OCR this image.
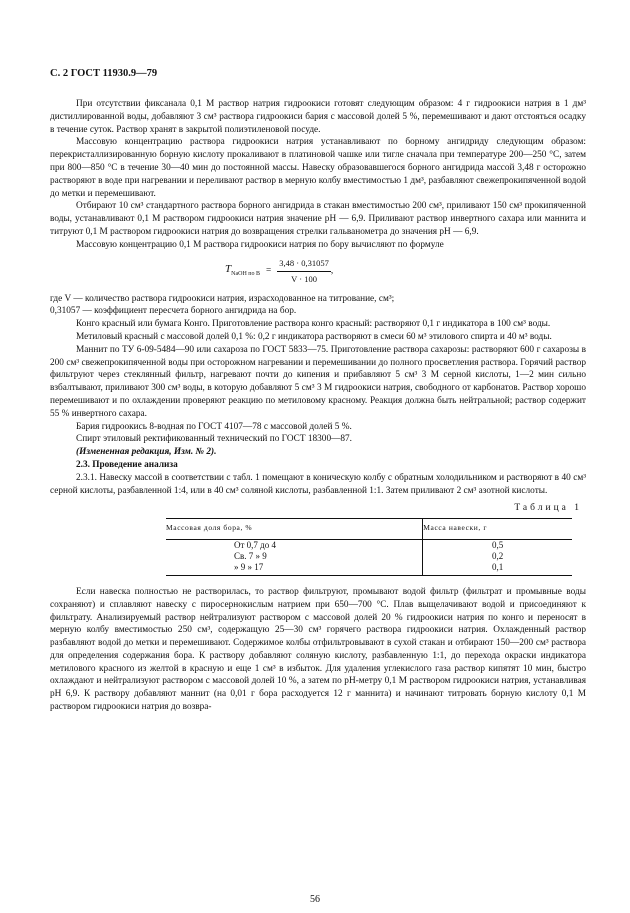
С. 2 ГОСТ 11930.9—79

При отсутствии фиксанала 0,1 М раствор натрия гидроокиси готовят следующим образом: 4 г гидроокиси натрия в 1 дм³ дистиллированной воды, добавляют 3 см³ раствора гидроокиси бария с массовой долей 5 %, перемешивают и дают отстояться осадку в течение суток. Раствор хранят в закрытой полиэтиленовой посуде.

Массовую концентрацию раствора гидроокиси натрия устанавливают по борному ангидриду следующим образом: перекристаллизированную борную кислоту прокаливают в платиновой чашке или тигле сначала при температуре 200—250 °С, затем при 800—850 °С в течение 30—40 мин до постоянной массы. Навеску образовавшегося борного ангидрида массой 3,48 г осторожно растворяют в воде при нагревании и переливают раствор в мерную колбу вместимостью 1 дм³, разбавляют свежепрокипяченной водой до метки и перемешивают.

Отбирают 10 см³ стандартного раствора борного ангидрида в стакан вместимостью 200 см³, приливают 150 см³ прокипяченной воды, устанавливают 0,1 М раствором гидроокиси натрия значение рН — 6,9. Приливают раствор инвертного сахара или маннита и титруют 0,1 М раствором гидроокиси натрия до возвращения стрелки гальванометра до значения рН — 6,9.

Массовую концентрацию 0,1 М раствора гидроокиси натрия по бору вычисляют по формуле

$T_{NaOH по B} = \frac{3,48 \cdot 0,31057}{V \cdot 100}$ ,

где V — количество раствора гидроокиси натрия, израсходованное на титрование, см³;

0,31057 — коэффициент пересчета борного ангидрида на бор.

Конго красный или бумага Конго. Приготовление раствора конго красный: растворяют 0,1 г индикатора в 100 см³ воды.

Метиловый красный с массовой долей 0,1 %: 0,2 г индикатора растворяют в смеси 60 м³ этилового спирта и 40 м³ воды.

Маннит по ТУ 6-09-5484—90 или сахароза по ГОСТ 5833—75. Приготовление раствора сахарозы: растворяют 600 г сахарозы в 200 см³ свежепрокипяченной воды при осторожном нагревании и перемешивании до полного просветления раствора. Горячий раствор фильтруют через стеклянный фильтр, нагревают почти до кипения и прибавляют 5 см³ 3 М серной кислоты, 1—2 мин сильно взбалтывают, приливают 300 см³ воды, в которую добавляют 5 см³ 3 М гидроокиси натрия, свободного от карбонатов. Раствор хорошо перемешивают и по охлаждении проверяют реакцию по метиловому красному. Реакция должна быть нейтральной; раствор содержит 55 % инвертного сахара.

Бария гидроокись 8-водная по ГОСТ 4107—78 с массовой долей 5 %.

Спирт этиловый ректификованный технический по ГОСТ 18300—87.

(Измененная редакция, Изм. № 2).

2.3. Проведение анализа

2.3.1. Навеску массой в соответствии с табл. 1 помещают в коническую колбу с обратным холодильником и растворяют в 40 см³ серной кислоты, разбавленной 1:4, или в 40 см³ соляной кислоты, разбавленной 1:1. Затем приливают 2 см³ азотной кислоты.

Таблица 1
Массовая доля бора, %	Масса навески, г
От 0,7 до 4	0,5
Св. 7 » 9	0,2
» 9 » 17	0,1

Если навеска полностью не растворилась, то раствор фильтруют, промывают водой фильтр (фильтрат и промывные воды сохраняют) и сплавляют навеску с пиросернокислым натрием при 650—700 °С. Плав выщелачивают водой и присоединяют к фильтрату. Анализируемый раствор нейтрализуют раствором с массовой долей 20 % гидроокиси натрия по конго и переносят в мерную колбу вместимостью 250 см³, содержащую 25—30 см³ горячего раствора гидроокиси натрия. Охлажденный раствор разбавляют водой до метки и перемешивают. Содержимое колбы отфильтровывают в сухой стакан и отбирают 150—200 см³ раствора для определения содержания бора. К раствору добавляют соляную кислоту, разбавленную 1:1, до перехода окраски индикатора метилового красного из желтой в красную и еще 1 см³ в избыток. Для удаления углекислого газа раствор кипятят 10 мин, быстро охлаждают и нейтрализуют раствором с массовой долей 10 %, а затем по рН-метру 0,1 М раствором гидроокиси натрия, устанавливая рН 6,9. К раствору добавляют маннит (на 0,01 г бора расходуется 12 г маннита) и начинают титровать борную кислоту 0,1 М раствором гидроокиси натрия до возвра-

56
